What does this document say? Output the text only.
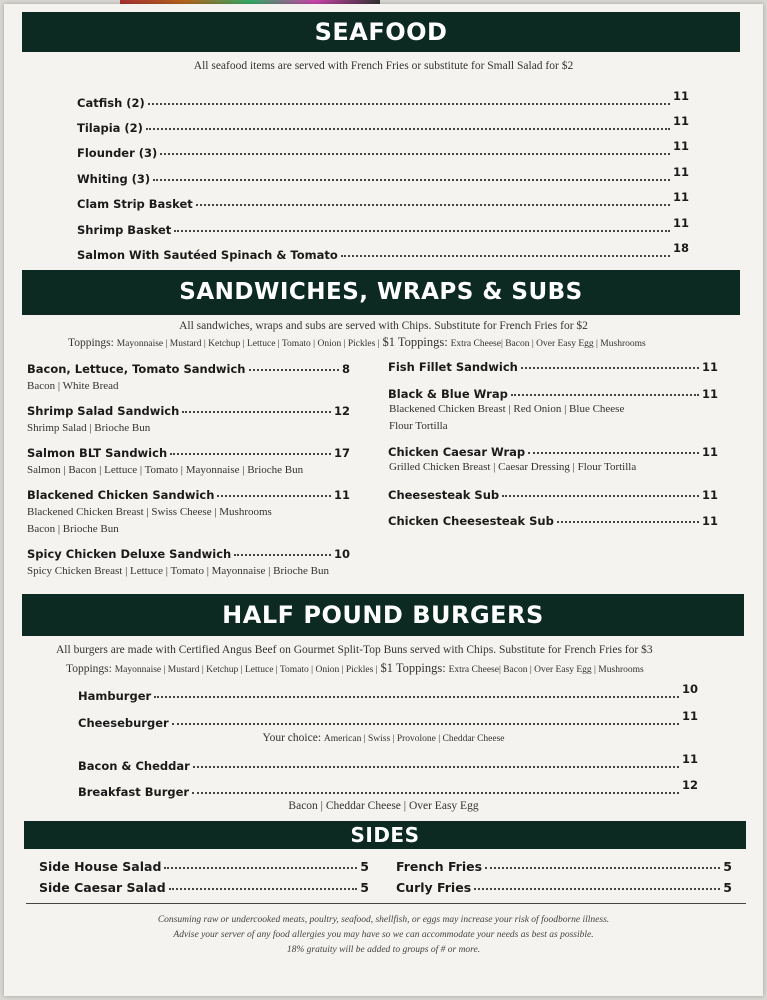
SEAFOOD
All seafood items are served with French Fries or substitute for Small Salad for $2
Catfish (2)	11
Tilapia (2)	11
Flounder (3)	11
Whiting (3)	11
Clam Strip Basket	11
Shrimp Basket	11
Salmon With Sautéed Spinach & Tomato	18
SANDWICHES, WRAPS & SUBS
All sandwiches, wraps and subs are served with Chips. Substitute for French Fries for $2
Toppings: Mayonnaise | Mustard | Ketchup | Lettuce | Tomato | Onion | Pickles | $1 Toppings: Extra Cheese| Bacon | Over Easy Egg | Mushrooms
Bacon, Lettuce, Tomato Sandwich	8
Bacon | White Bread
Shrimp Salad Sandwich	12
Shrimp Salad | Brioche Bun
Salmon BLT Sandwich	17
Salmon | Bacon | Lettuce | Tomato | Mayonnaise | Brioche Bun
Blackened Chicken Sandwich	11
Blackened Chicken Breast | Swiss Cheese | Mushrooms
Bacon | Brioche Bun
Spicy Chicken Deluxe Sandwich	10
Spicy Chicken Breast | Lettuce | Tomato | Mayonnaise | Brioche Bun
Fish Fillet Sandwich	11
Black & Blue Wrap	11
Blackened Chicken Breast | Red Onion | Blue Cheese
Flour Tortilla
Chicken Caesar Wrap	11
Grilled Chicken Breast | Caesar Dressing | Flour Tortilla
Cheesesteak Sub	11
Chicken Cheesesteak Sub	11
HALF POUND BURGERS
All burgers are made with Certified Angus Beef on Gourmet Split-Top Buns served with Chips. Substitute for French Fries for $3
Toppings: Mayonnaise | Mustard | Ketchup | Lettuce | Tomato | Onion | Pickles | $1 Toppings: Extra Cheese| Bacon | Over Easy Egg | Mushrooms
Hamburger	10
Cheeseburger	11
Your choice: American | Swiss | Provolone | Cheddar Cheese
Bacon & Cheddar	11
Breakfast Burger	12
Bacon | Cheddar Cheese | Over Easy Egg
SIDES
Side House Salad	5
Side Caesar Salad	5
French Fries	5
Curly Fries	5
Consuming raw or undercooked meats, poultry, seafood, shellfish, or eggs may increase your risk of foodborne illness.
Advise your server of any food allergies you may have so we can accommodate your needs as best as possible.
18% gratuity will be added to groups of # or more.
